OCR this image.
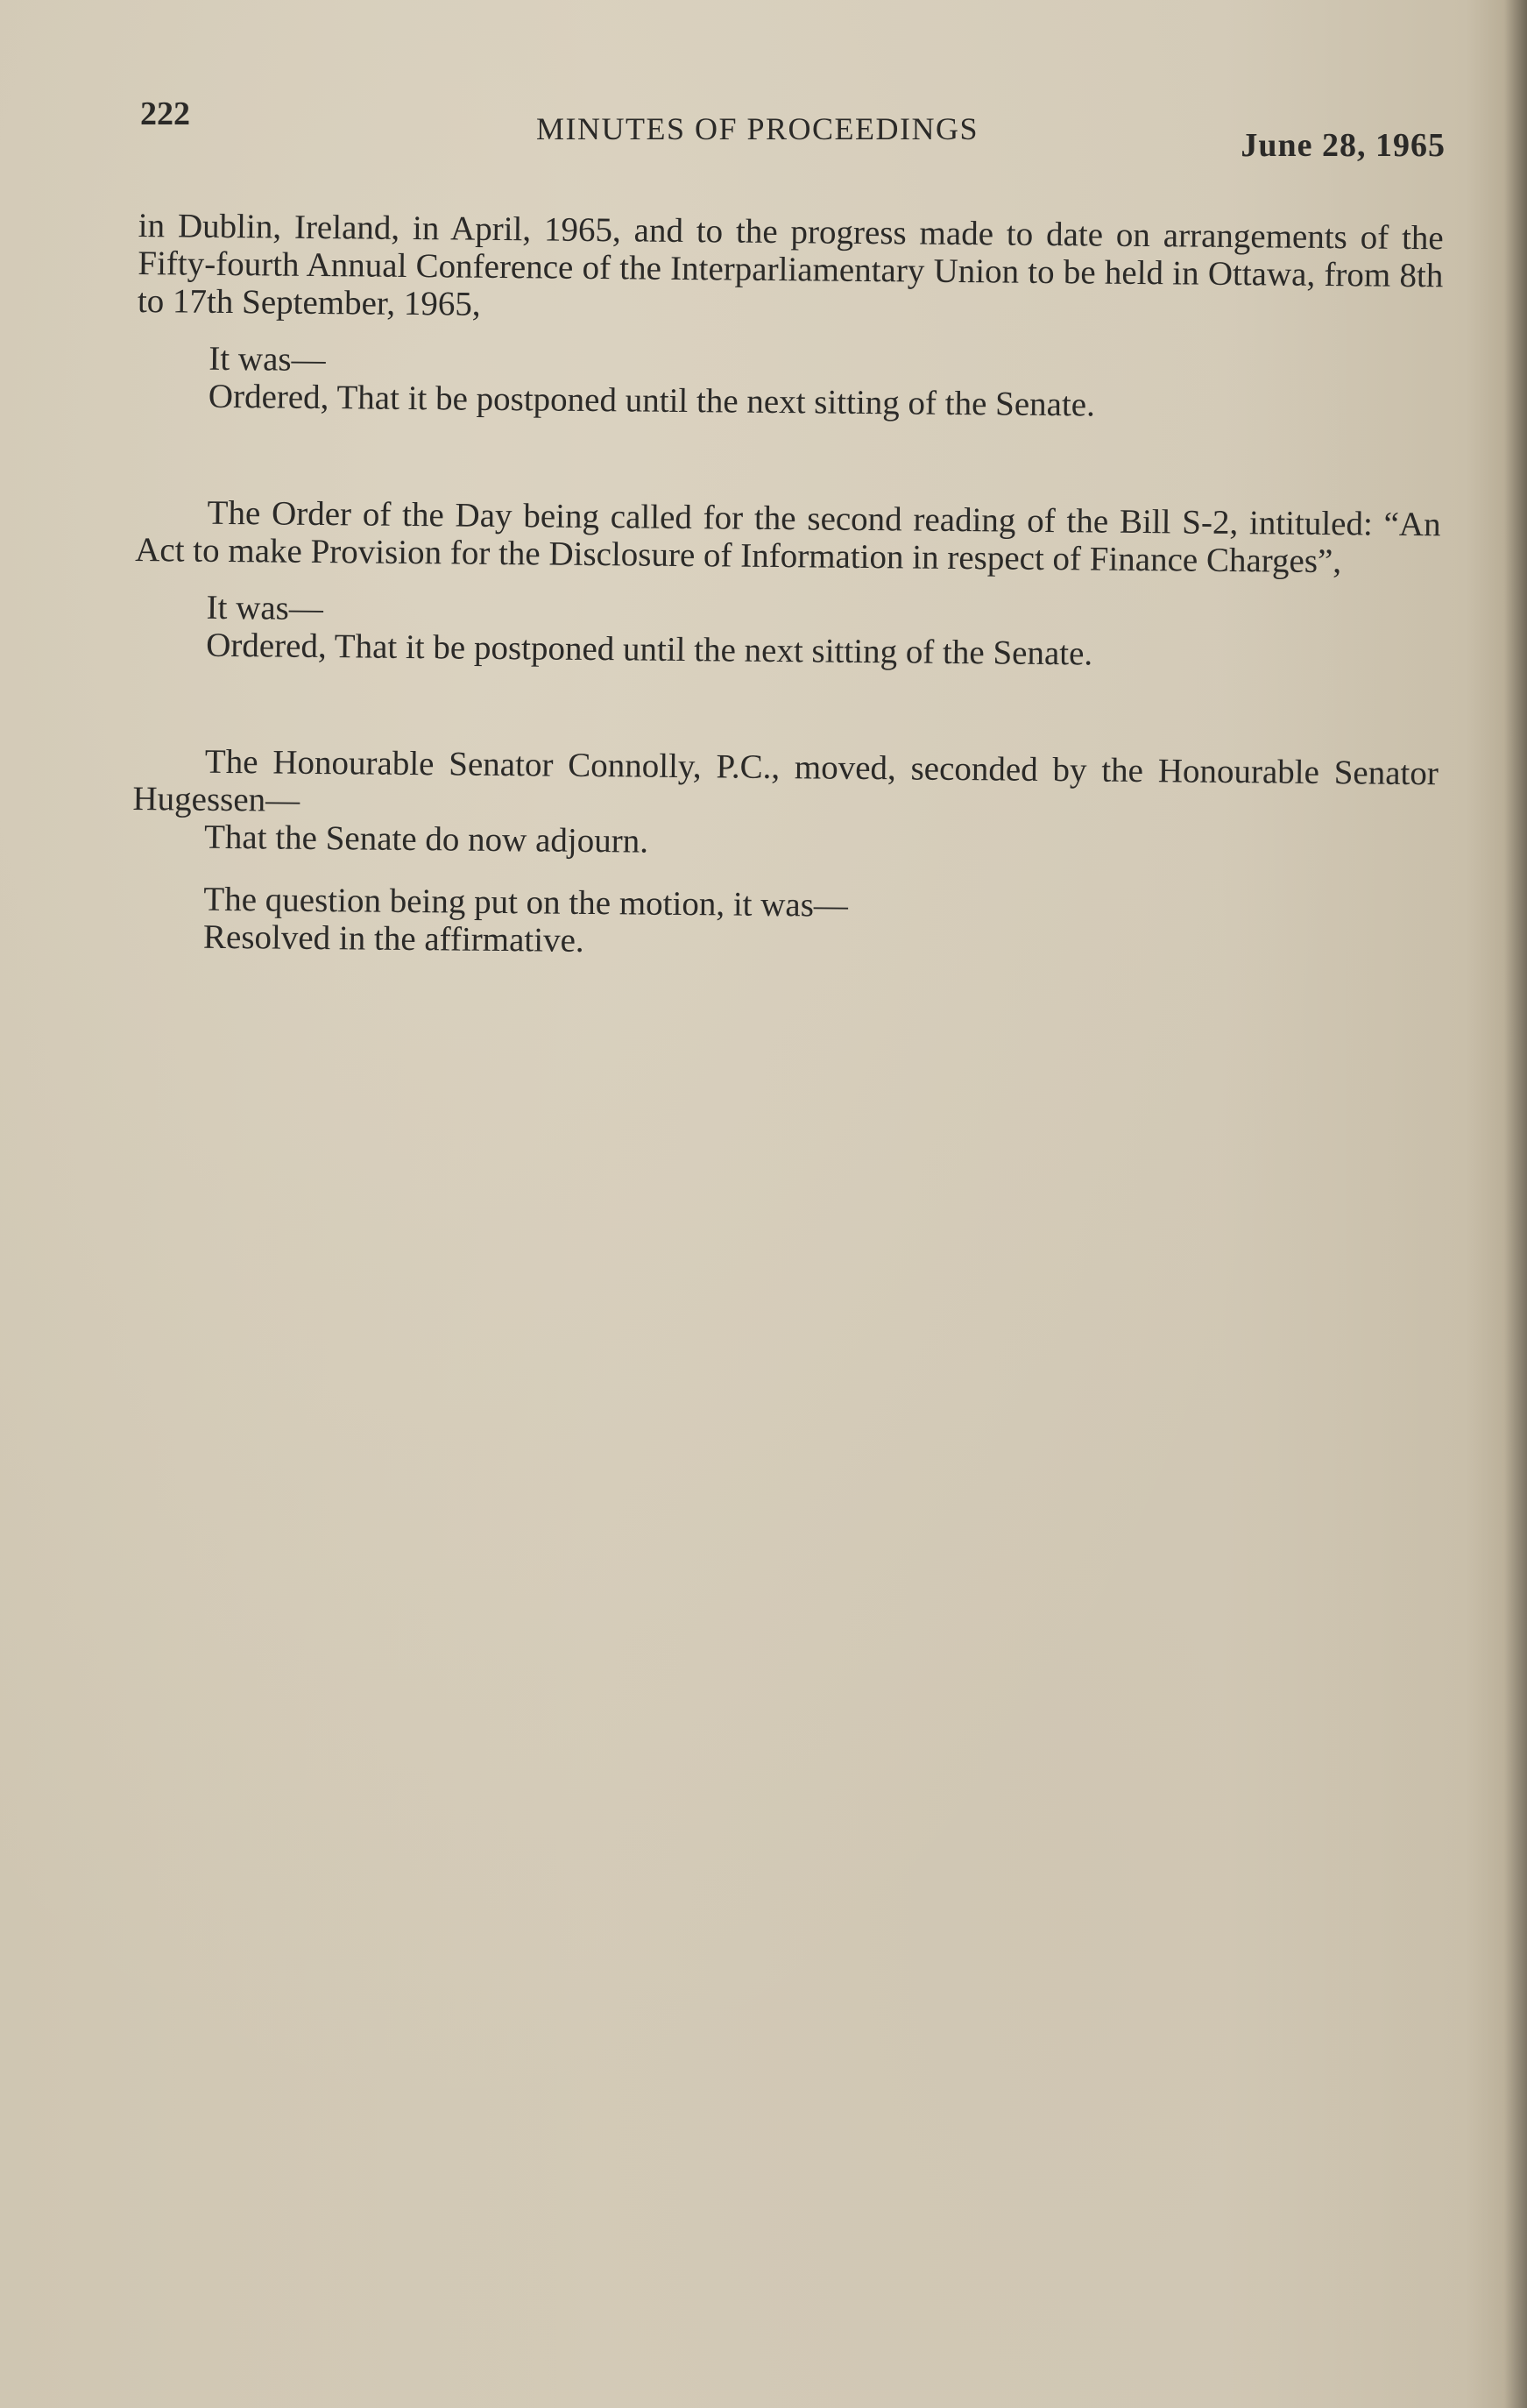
222	MINUTES OF PROCEEDINGS	June 28, 1965

in Dublin, Ireland, in April, 1965, and to the progress made to date on arrangements of the Fifty-fourth Annual Conference of the Interparliamentary Union to be held in Ottawa, from 8th to 17th September, 1965,

It was—

Ordered, That it be postponed until the next sitting of the Senate.

The Order of the Day being called for the second reading of the Bill S-2, intituled: “An Act to make Provision for the Disclosure of Information in respect of Finance Charges”,

It was—

Ordered, That it be postponed until the next sitting of the Senate.

The Honourable Senator Connolly, P.C., moved, seconded by the Honourable Senator Hugessen—

That the Senate do now adjourn.

The question being put on the motion, it was—

Resolved in the affirmative.
